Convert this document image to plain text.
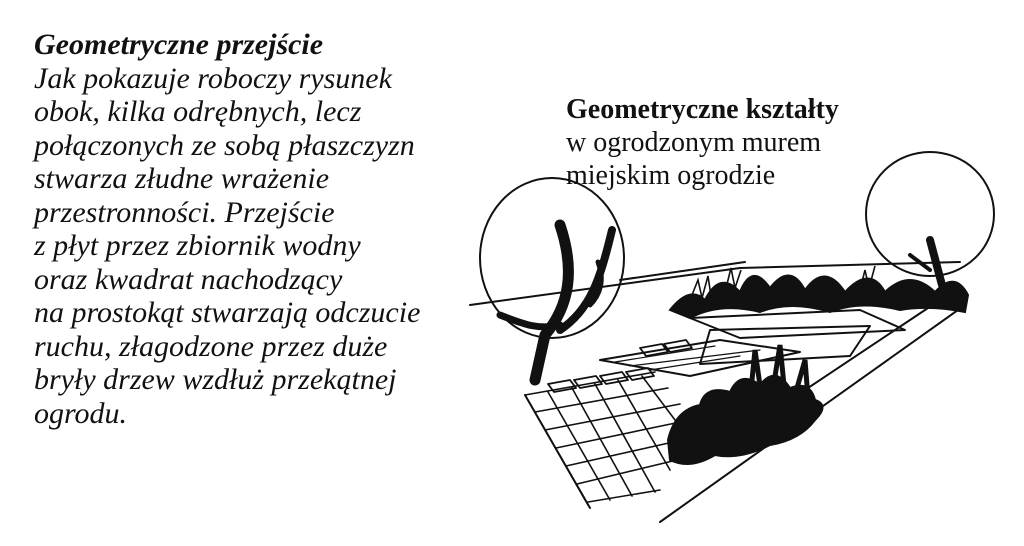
Geometryczne przejście
Jak pokazuje roboczy rysunek
obok, kilka odrębnych, lecz
połączonych ze sobą płaszczyzn
stwarza złudne wrażenie
przestronności. Przejście
z płyt przez zbiornik wodny
oraz kwadrat nachodzący
na prostokąt stwarzają odczucie
ruchu, złagodzone przez duże
bryły drzew wzdłuż przekątnej
ogrodu.
Geometryczne kształty
w ogrodzonym murem
miejskim ogrodzie
